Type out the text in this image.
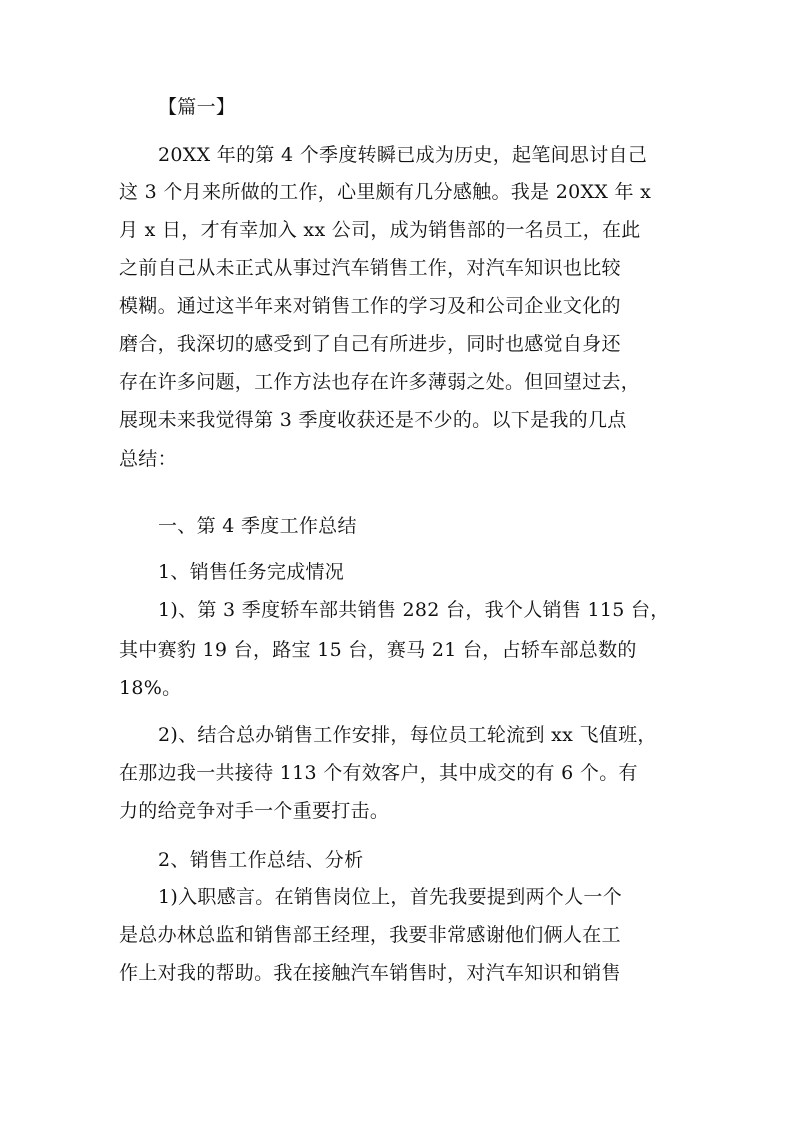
【篇一】
20XX 年的第 4 个季度转瞬已成为历史，起笔间思讨自己
这 3 个月来所做的工作，心里颇有几分感触。我是 20XX 年 x
月 x 日，才有幸加入 xx 公司，成为销售部的一名员工，在此
之前自己从未正式从事过汽车销售工作，对汽车知识也比较
模糊。通过这半年来对销售工作的学习及和公司企业文化的
磨合，我深切的感受到了自己有所进步，同时也感觉自身还
存在许多问题，工作方法也存在许多薄弱之处。但回望过去，
展现未来我觉得第 3 季度收获还是不少的。以下是我的几点
总结：
一、第 4 季度工作总结
1、销售任务完成情况
1)、第 3 季度轿车部共销售 282 台，我个人销售 115 台，
其中赛豹 19 台，路宝 15 台，赛马 21 台，占轿车部总数的
18%。
2)、结合总办销售工作安排，每位员工轮流到 xx 飞值班，
在那边我一共接待 113 个有效客户，其中成交的有 6 个。有
力的给竞争对手一个重要打击。
2、销售工作总结、分析
1)入职感言。在销售岗位上，首先我要提到两个人一个
是总办林总监和销售部王经理，我要非常感谢他们俩人在工
作上对我的帮助。我在接触汽车销售时，对汽车知识和销售
